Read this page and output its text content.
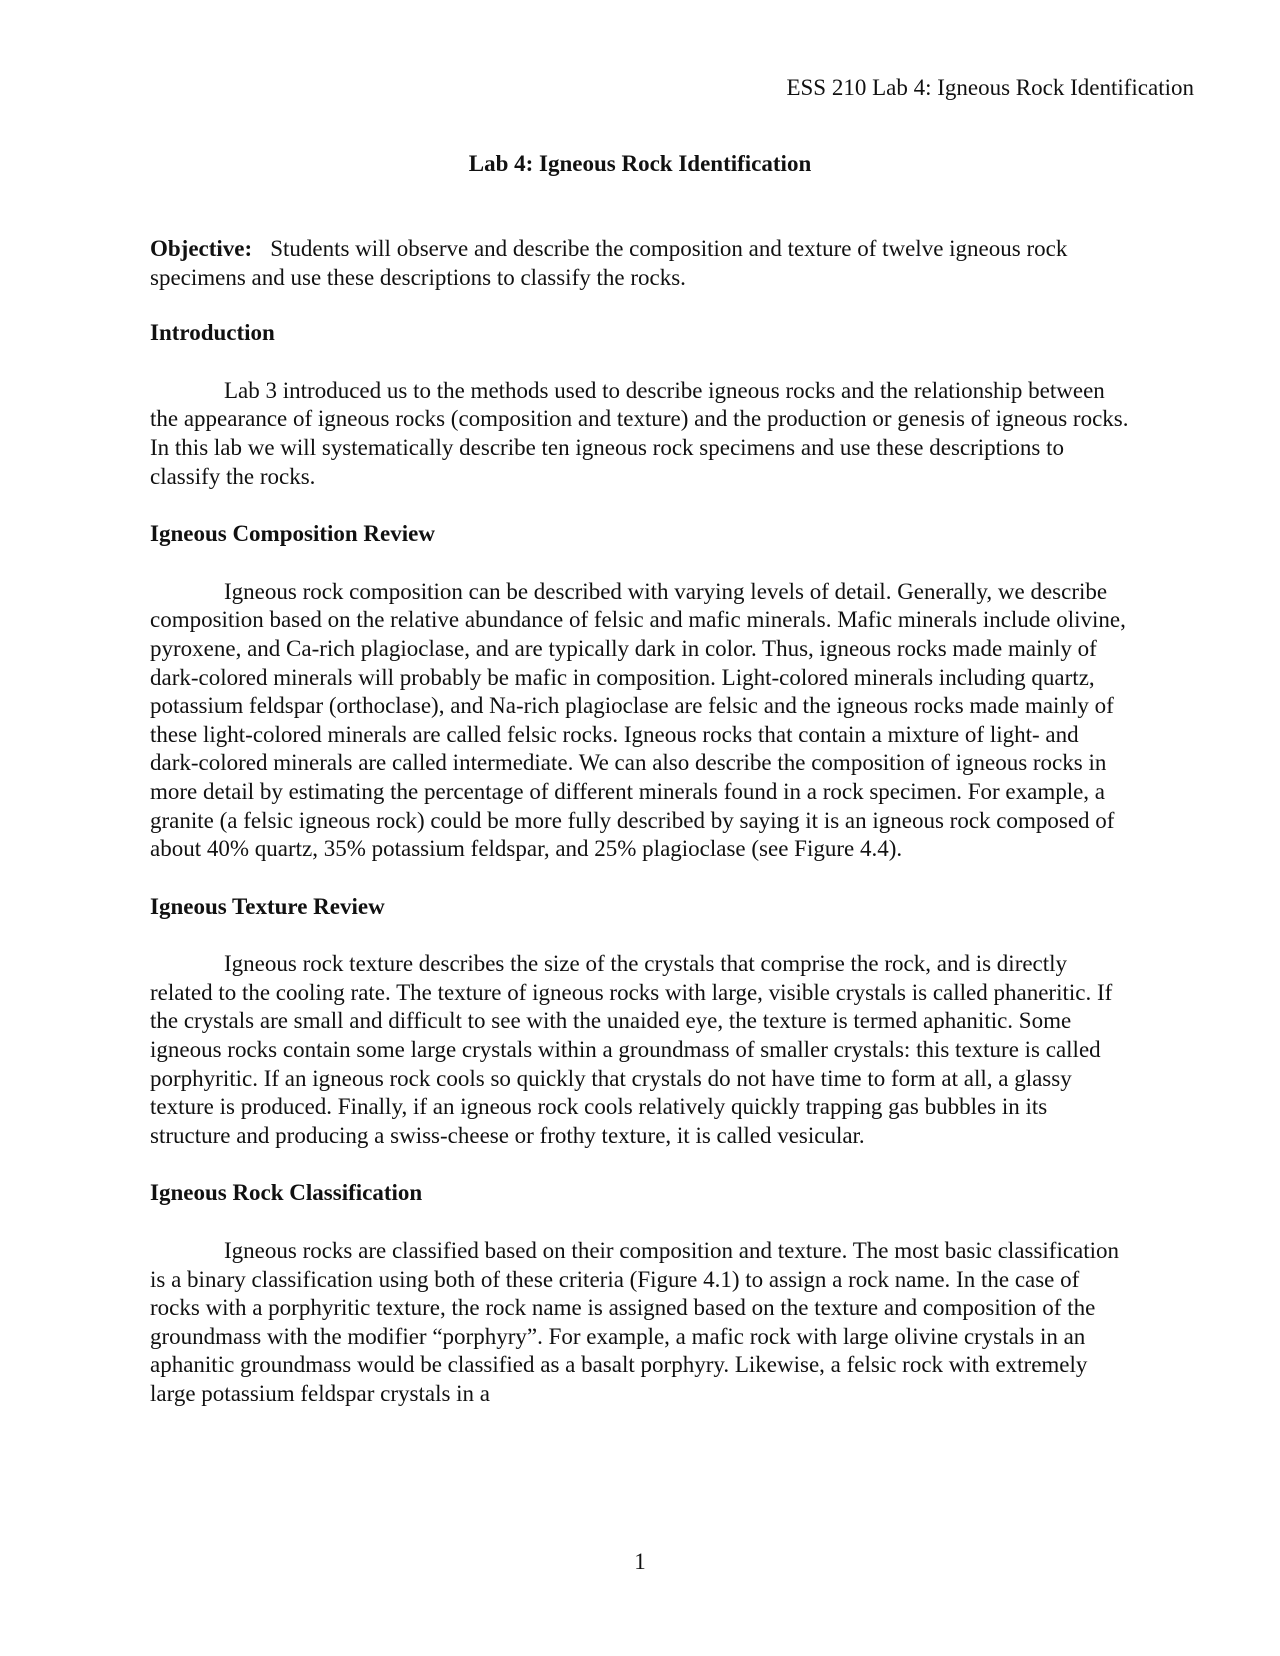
ESS 210 Lab 4: Igneous Rock Identification
Lab 4: Igneous Rock Identification

Objective: Students will observe and describe the composition and texture of twelve igneous rock specimens and use these descriptions to classify the rocks.

Introduction

Lab 3 introduced us to the methods used to describe igneous rocks and the relationship between the appearance of igneous rocks (composition and texture) and the production or genesis of igneous rocks. In this lab we will systematically describe ten igneous rock specimens and use these descriptions to classify the rocks.

Igneous Composition Review

Igneous rock composition can be described with varying levels of detail. Generally, we describe composition based on the relative abundance of felsic and mafic minerals. Mafic minerals include olivine, pyroxene, and Ca-rich plagioclase, and are typically dark in color. Thus, igneous rocks made mainly of dark-colored minerals will probably be mafic in composition. Light-colored minerals including quartz, potassium feldspar (orthoclase), and Na-rich plagioclase are felsic and the igneous rocks made mainly of these light-colored minerals are called felsic rocks. Igneous rocks that contain a mixture of light- and dark-colored minerals are called intermediate. We can also describe the composition of igneous rocks in more detail by estimating the percentage of different minerals found in a rock specimen. For example, a granite (a felsic igneous rock) could be more fully described by saying it is an igneous rock composed of about 40% quartz, 35% potassium feldspar, and 25% plagioclase (see Figure 4.4).

Igneous Texture Review

Igneous rock texture describes the size of the crystals that comprise the rock, and is directly related to the cooling rate. The texture of igneous rocks with large, visible crystals is called phaneritic. If the crystals are small and difficult to see with the unaided eye, the texture is termed aphanitic. Some igneous rocks contain some large crystals within a groundmass of smaller crystals: this texture is called porphyritic. If an igneous rock cools so quickly that crystals do not have time to form at all, a glassy texture is produced. Finally, if an igneous rock cools relatively quickly trapping gas bubbles in its structure and producing a swiss-cheese or frothy texture, it is called vesicular.

Igneous Rock Classification

Igneous rocks are classified based on their composition and texture. The most basic classification is a binary classification using both of these criteria (Figure 4.1) to assign a rock name. In the case of rocks with a porphyritic texture, the rock name is assigned based on the texture and composition of the groundmass with the modifier “porphyry”. For example, a mafic rock with large olivine crystals in an aphanitic groundmass would be classified as a basalt porphyry. Likewise, a felsic rock with extremely large potassium feldspar crystals in a

1
